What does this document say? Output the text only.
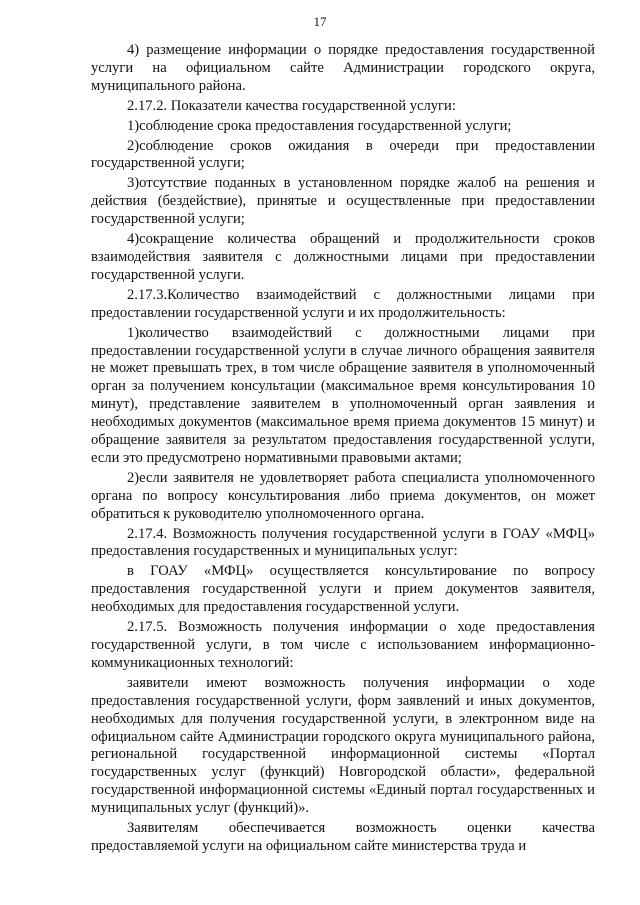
17

4) размещение информации о порядке предоставления государственной услуги на официальном сайте Администрации городского округа, муниципального района.

2.17.2. Показатели качества государственной услуги:

1)соблюдение срока предоставления государственной услуги;

2)соблюдение сроков ожидания в очереди при предоставлении государственной услуги;

3)отсутствие поданных в установленном порядке жалоб на решения и действия (бездействие), принятые и осуществленные при предоставлении государственной услуги;

4)сокращение количества обращений и продолжительности сроков взаимодействия заявителя с должностными лицами при предоставлении государственной услуги.

2.17.3.Количество взаимодействий с должностными лицами при предоставлении государственной услуги и их продолжительность:

1)количество взаимодействий с должностными лицами при предоставлении государственной услуги в случае личного обращения заявителя не может превышать трех, в том числе обращение заявителя в уполномоченный орган за получением консультации (максимальное время консультирования 10 минут), представление заявителем в уполномоченный орган заявления и необходимых документов (максимальное время приема документов 15 минут) и обращение заявителя за результатом предоставления государственной услуги, если это предусмотрено нормативными правовыми актами;

2)если заявителя не удовлетворяет работа специалиста уполномоченного органа по вопросу консультирования либо приема документов, он может обратиться к руководителю уполномоченного органа.

2.17.4. Возможность получения государственной услуги в ГОАУ «МФЦ» предоставления государственных и муниципальных услуг:

в ГОАУ «МФЦ» осуществляется консультирование по вопросу предоставления государственной услуги и прием документов заявителя, необходимых для предоставления государственной услуги.

2.17.5. Возможность получения информации о ходе предоставления государственной услуги, в том числе с использованием информационно-коммуникационных технологий:

заявители имеют возможность получения информации о ходе предоставления государственной услуги, форм заявлений и иных документов, необходимых для получения государственной услуги, в электронном виде на официальном сайте Администрации городского округа муниципального района, региональной государственной информационной системы «Портал государственных услуг (функций) Новгородской области», федеральной государственной информационной системы «Единый портал государственных и муниципальных услуг (функций)».

Заявителям обеспечивается возможность оценки качества предоставляемой услуги на официальном сайте министерства труда и
